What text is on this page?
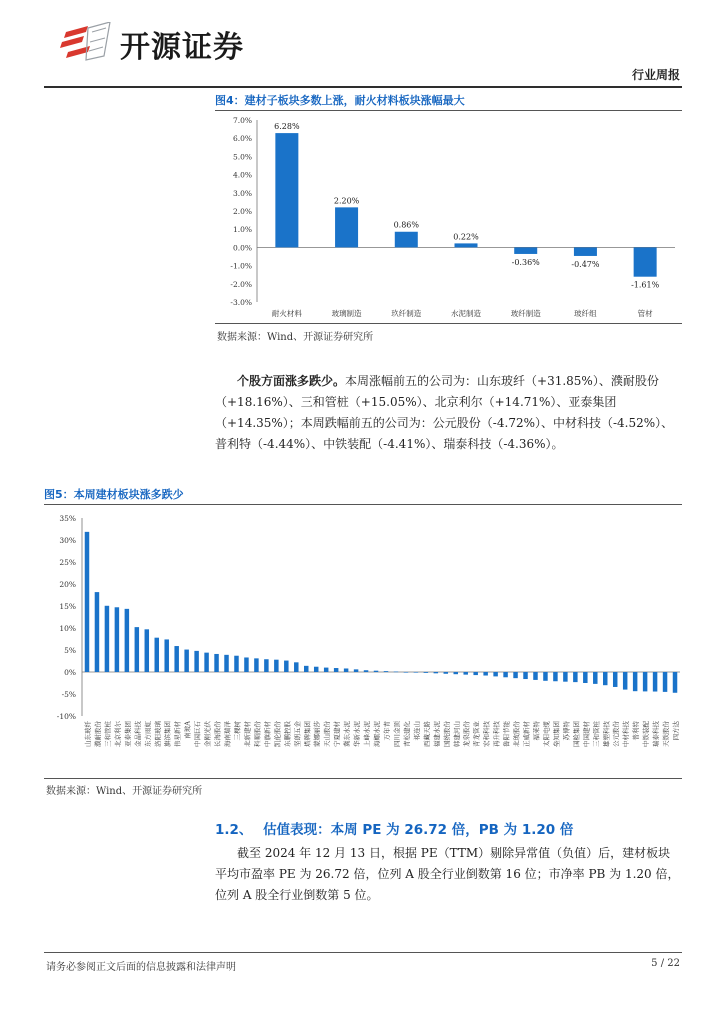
开源证券
行业周报
图4：建材子板块多数上涨，耐火材料板块涨幅最大
-3.0%
-2.0%
-1.0%
0.0%
1.0%
2.0%
3.0%
4.0%
5.0%
6.0%
7.0%
6.28%
耐火材料
2.20%
玻璃制造
0.86%
玖纤制造
0.22%
水泥制造
-0.36%
玻纤制造
-0.47%
玻纤组
-1.61%
管材
数据来源：Wind、开源证券研究所
个股方面涨多跌少。本周涨幅前五的公司为：山东玻纤（+31.85%）、濮耐股份（+18.16%）、三和管桩（+15.05%）、北京利尔（+14.71%）、亚泰集团（+14.35%）；本周跌幅前五的公司为：公元股份（-4.72%）、中材科技（-4.52%）、普利特（-4.44%）、中铁装配（-4.41%）、瑞泰科技（-4.36%）。
图5：本周建材板块涨多跌少
-10%
-5%
0%
5%
10%
15%
20%
25%
30%
35%
山东玻纤 濮耐股份 三和管桩 北京利尔 亚泰集团 金晶科技 东方雨虹 洛阳玻璃 旗滨集团 伟星新材 南玻A 中国巨石 金刚光伏 长海股份 海南瑞泽 三棵树 北新建材 科顺股份 中旗新材 凯伦股份 东鹏控股 坚朗五金 塔牌集团 蒙娜丽莎 天山股份 宁夏建材 冀东水泥 华新水泥 上峰水泥 海螺水泥 万年青 四川金顶 青松建化 祁连山 西藏天路 福建水泥 国统股份 韩建河山 龙泉股份 青龙管业 宏和科技 再升科技 鲁阳节能 北玻股份 正威新材 福莱特 太阳电缆 垒知集团 苏博特 国检集团 中国建材 三和管桩 雄塑科技 公元股份 中材科技 普利特 中铁装配 瑞泰科技 天铁股份 四方达
数据来源：Wind、开源证券研究所
1.2、 估值表现：本周 PE 为 26.72 倍，PB 为 1.20 倍
截至 2024 年 12 月 13 日，根据 PE（TTM）剔除异常值（负值）后，建材板块平均市盈率 PE 为 26.72 倍，位列 A 股全行业倒数第 16 位；市净率 PB 为 1.20 倍，位列 A 股全行业倒数第 5 位。
请务必参阅正文后面的信息披露和法律声明	5 / 22
